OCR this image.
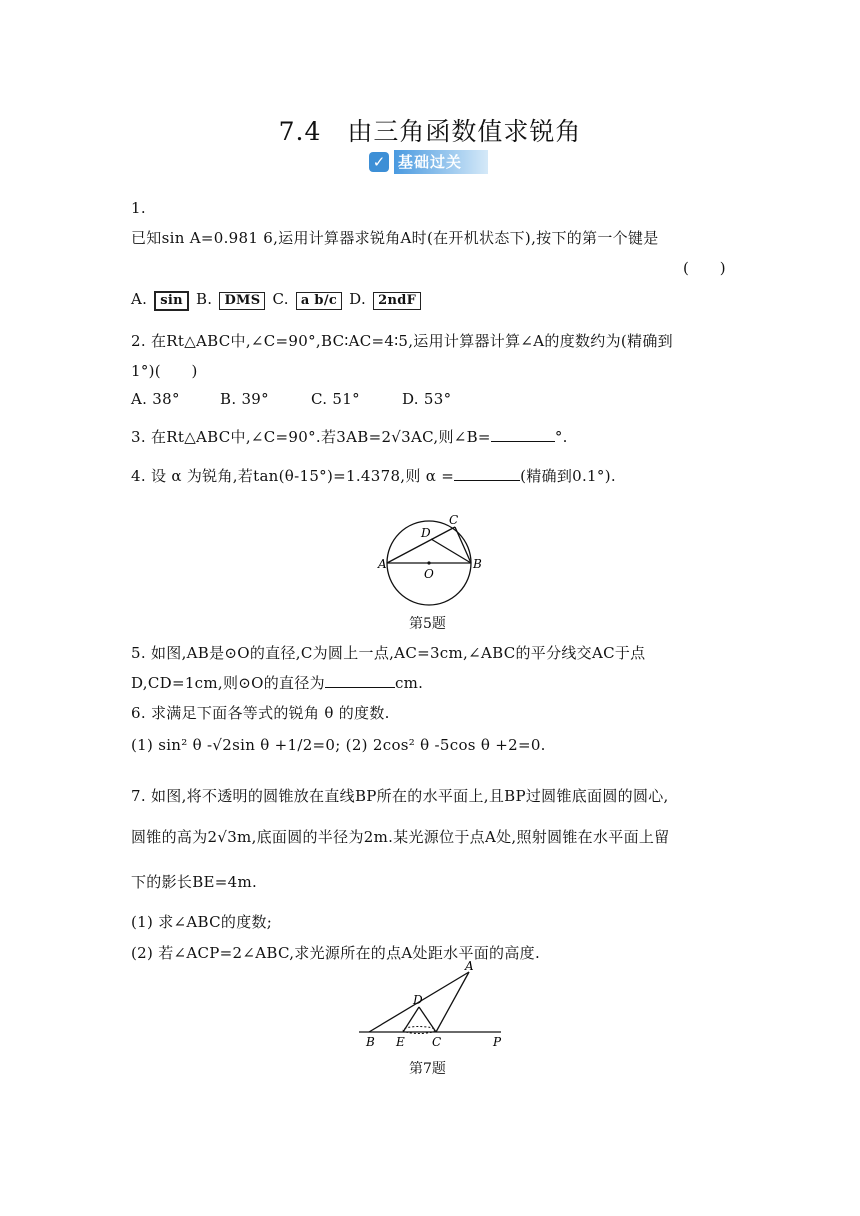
7.4　由三角函数值求锐角
✓ 基础过关
1.
已知sin A=0.981 6,运用计算器求锐角A时(在开机状态下),按下的第一个键是
(　　)
A. sin B. DMS C. a b/c D. 2ndF
2. 在Rt△ABC中,∠C=90°,BC∶AC=4∶5,运用计算器计算∠A的度数约为(精确到
1°)(　　)
A. 38°	B. 39°	C. 51°	D. 53°
3. 在Rt△ABC中,∠C=90°.若3AB=2√3AC,则∠B=	°.
4. 设 α 为锐角,若tan(θ-15°)=1.4378,则 α =	(精确到0.1°).
A	B
C
D
O
第5题
5. 如图,AB是⊙O的直径,C为圆上一点,AC=3cm,∠ABC的平分线交AC于点
D,CD=1cm,则⊙O的直径为	cm.
6. 求满足下面各等式的锐角 θ 的度数.
(1) sin² θ -√2sin θ +1/2=0; (2) 2cos² θ -5cos θ +2=0.
7. 如图,将不透明的圆锥放在直线BP所在的水平面上,且BP过圆锥底面圆的圆心,
圆锥的高为2√3m,底面圆的半径为2m.某光源位于点A处,照射圆锥在水平面上留
下的影长BE=4m.
(1) 求∠ABC的度数;
(2) 若∠ACP=2∠ABC,求光源所在的点A处距水平面的高度.
A
B	C
D
E	P
第7题
